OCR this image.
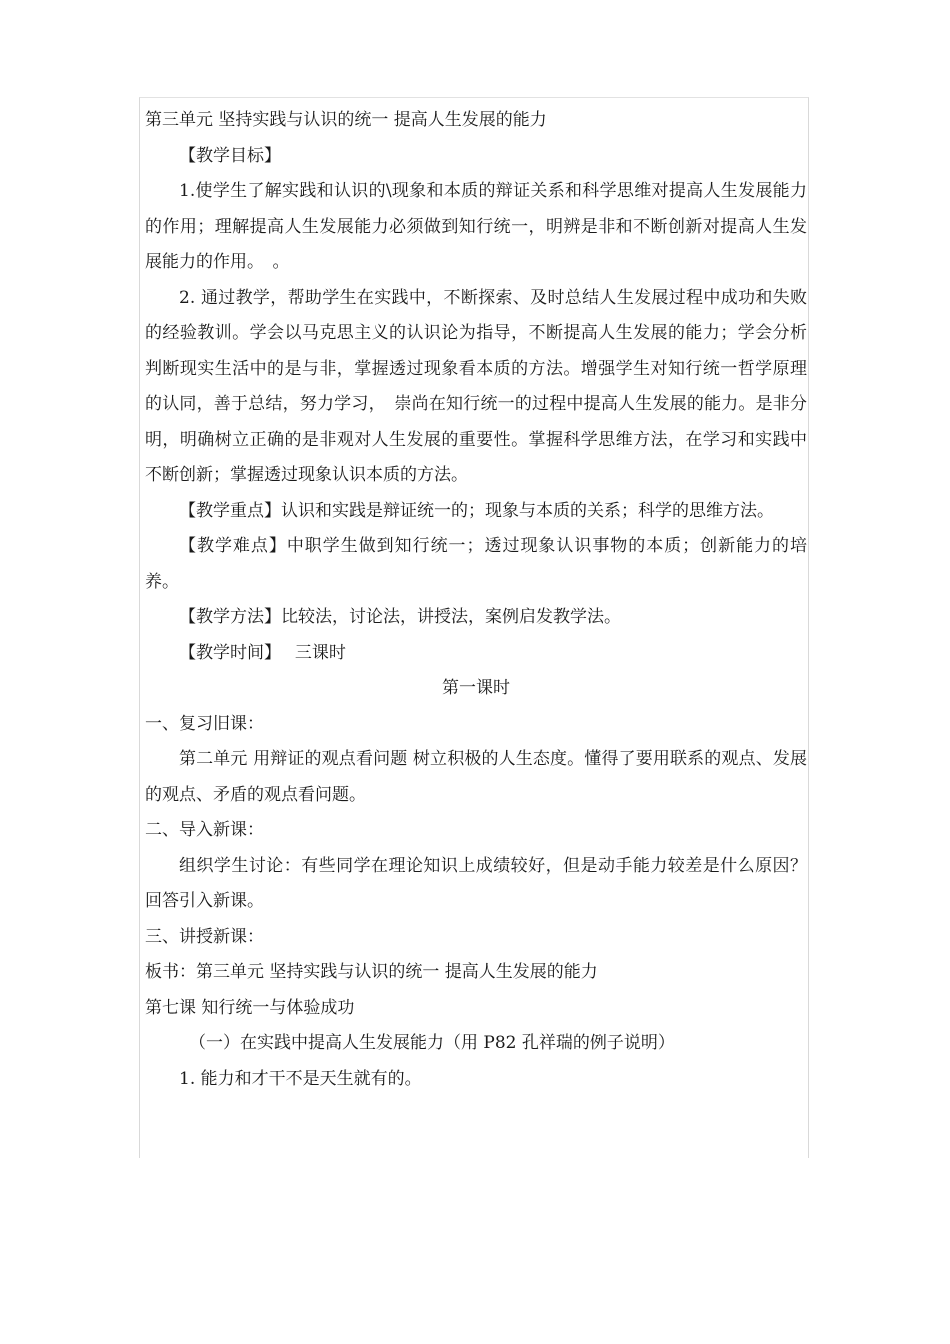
第三单元 坚持实践与认识的统一 提高人生发展的能力
【教学目标】
1.使学生了解实践和认识的\现象和本质的辩证关系和科学思维对提高人生发展能力的作用；理解提高人生发展能力必须做到知行统一，明辨是非和不断创新对提高人生发展能力的作用。　。
2. 通过教学，帮助学生在实践中，不断探索、及时总结人生发展过程中成功和失败的经验教训。学会以马克思主义的认识论为指导，不断提高人生发展的能力；学会分析判断现实生活中的是与非，掌握透过现象看本质的方法。增强学生对知行统一哲学原理的认同，善于总结，努力学习，　崇尚在知行统一的过程中提高人生发展的能力。是非分明，明确树立正确的是非观对人生发展的重要性。掌握科学思维方法，在学习和实践中不断创新；掌握透过现象认识本质的方法。
【教学重点】认识和实践是辩证统一的；现象与本质的关系；科学的思维方法。
【教学难点】中职学生做到知行统一；透过现象认识事物的本质；创新能力的培养。
【教学方法】比较法，讨论法，讲授法，案例启发教学法。
【教学时间】　 三课时
第一课时
一、复习旧课：
第二单元 用辩证的观点看问题 树立积极的人生态度。懂得了要用联系的观点、发展的观点、矛盾的观点看问题。
二、导入新课：
组织学生讨论：有些同学在理论知识上成绩较好，但是动手能力较差是什么原因？回答引入新课。
三、讲授新课：
板书：第三单元 坚持实践与认识的统一 提高人生发展的能力
第七课 知行统一与体验成功
（一）在实践中提高人生发展能力（用 P82 孔祥瑞的例子说明）
1. 能力和才干不是天生就有的。
